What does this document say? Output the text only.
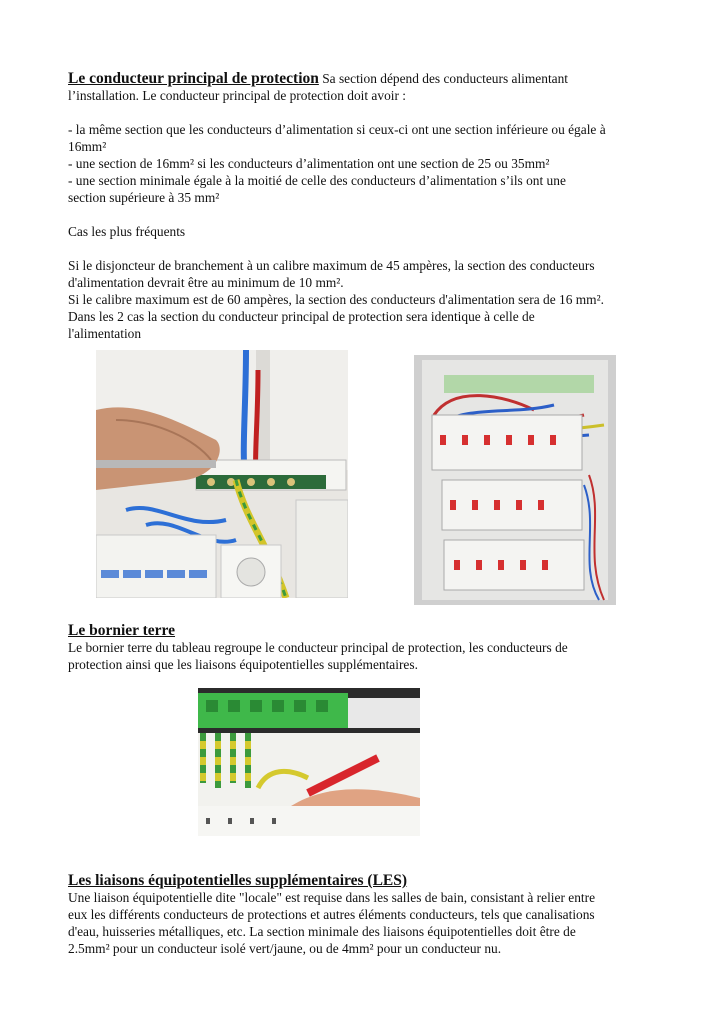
Le conducteur principal de protection Sa section dépend des conducteurs alimentant

l’installation. Le conducteur principal de protection doit avoir :

- la même section que les conducteurs d’alimentation si ceux-ci ont une section inférieure ou égale à

16mm²

- une section de 16mm² si les conducteurs d’alimentation ont une section de 25 ou 35mm²

- une section minimale égale à la moitié de celle des conducteurs d’alimentation s’ils ont une

section supérieure à 35 mm²

Cas les plus fréquents

Si le disjoncteur de branchement à un calibre maximum de 45 ampères, la section des conducteurs

d'alimentation devrait être au minimum de 10 mm².

Si le calibre maximum est de 60 ampères, la section des conducteurs d'alimentation sera de 16 mm².

Dans les 2 cas la section du conducteur principal de protection sera identique à celle de

l'alimentation

Le bornier terre

Le bornier terre du tableau regroupe le conducteur principal de protection, les conducteurs de

protection ainsi que les liaisons équipotentielles supplémentaires.

Les liaisons équipotentielles supplémentaires (LES)

Une liaison équipotentielle dite "locale" est requise dans les salles de bain, consistant à relier entre

eux les différents conducteurs de protections et autres éléments conducteurs, tels que canalisations

d'eau, huisseries métalliques, etc. La section minimale des liaisons équipotentielles doit être de

2.5mm² pour un conducteur isolé vert/jaune, ou de 4mm² pour un conducteur nu.
